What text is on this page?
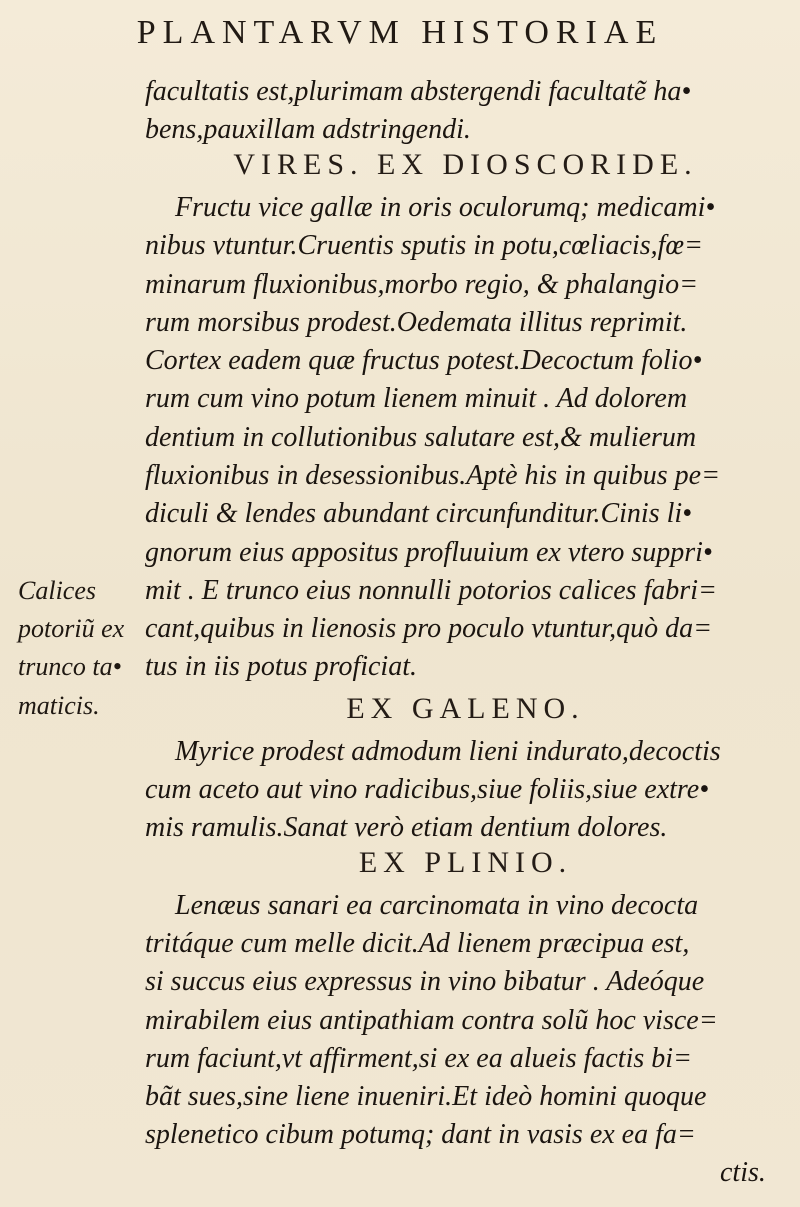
PLANTARVM HISTORIAE
facultatis est,plurimam abstergendi facultatẽ ha•
bens,pauxillam adstringendi.
VIRES. EX DIOSCORIDE.
Fructu vice gallæ in oris oculorumq; medicami•
nibus vtuntur.Cruentis sputis in potu,cœliacis,fœ=
minarum fluxionibus,morbo regio, & phalangio=
rum morsibus prodest.Oedemata illitus reprimit.
Cortex eadem quæ fructus potest.Decoctum folio•
rum cum vino potum lienem minuit . Ad dolorem
dentium in collutionibus salutare est,& mulierum
fluxionibus in desessionibus.Aptè his in quibus pe=
diculi & lendes abundant circunfunditur.Cinis li•
gnorum eius appositus profluuium ex vtero suppri•
mit . E trunco eius nonnulli potorios calices fabri=
cant,quibus in lienosis pro poculo vtuntur,quò da=
tus in iis potus proficiat.
Calices
potoriũ ex
trunco ta•
maticis.	EX GALENO.
Myrice prodest admodum lieni indurato,decoctis
cum aceto aut vino radicibus,siue foliis,siue extre•
mis ramulis.Sanat verò etiam dentium dolores.
EX PLINIO.
Lenæus sanari ea carcinomata in vino decocta
tritáque cum melle dicit.Ad lienem præcipua est,
si succus eius expressus in vino bibatur . Adeóque
mirabilem eius antipathiam contra solũ hoc visce=
rum faciunt,vt affirment,si ex ea alueis factis bi=
bãt sues,sine liene inueniri.Et ideò homini quoque
splenetico cibum potumq; dant in vasis ex ea fa=
ctis.
